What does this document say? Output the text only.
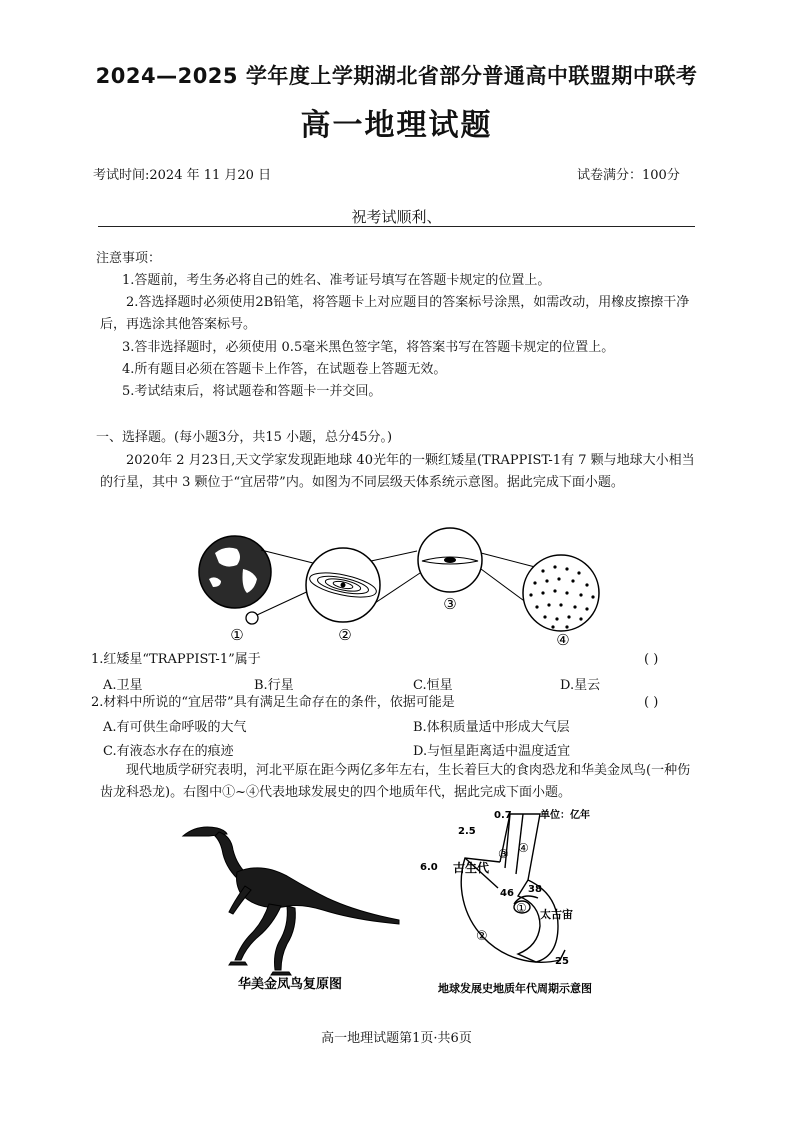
2024—2025 学年度上学期湖北省部分普通高中联盟期中联考
高一地理试题
考试时间:2024 年 11 月20 日	试卷满分：100分
祝考试顺利、
注意事项：
1.答题前，考生务必将自己的姓名、准考证号填写在答题卡规定的位置上。

2.答选择题时必须使用2B铅笔，将答题卡上对应题目的答案标号涂黑，如需改动，用橡皮擦擦干净后，再选涂其他答案标号。

3.答非选择题时，必须使用 0.5毫米黑色签字笔，将答案书写在答题卡规定的位置上。
4.所有题目必须在答题卡上作答，在试题卷上答题无效。
5.考试结束后，将试题卷和答题卡一并交回。
一、选择题。(每小题3分，共15 小题，总分45分。)

2020年 2 月23日,天文学家发现距地球 40光年的一颗红矮星(TRAPPIST-1有 7 颗与地球大小相当的行星，其中 3 颗位于“宜居带”内。如图为不同层级天体系统示意图。据此完成下面小题。

①	②
③
④
1.红矮星“TRAPPIST-1”属于	( )
A.卫星	B.行星	C.恒星	D.星云
2.材料中所说的“宜居带”具有满足生命存在的条件，依据可能是	( )
A.有可供生命呼吸的大气	B.体积质量适中形成大气层
C.有液态水存在的痕迹	D.与恒星距离适中温度适宜

现代地质学研究表明，河北平原在距今两亿多年左右，生长着巨大的食肉恐龙和华美金凤鸟(一种伤齿龙科恐龙)。右图中①~④代表地球发展史的四个地质年代，据此完成下面小题。

华美金凤鸟复原图
0.7	单位：亿年
2.5
6.0 古生代
46 38
25
太古宙
①
②
③ ④
地球发展史地质年代周期示意图
高一地理试题第1页·共6页
